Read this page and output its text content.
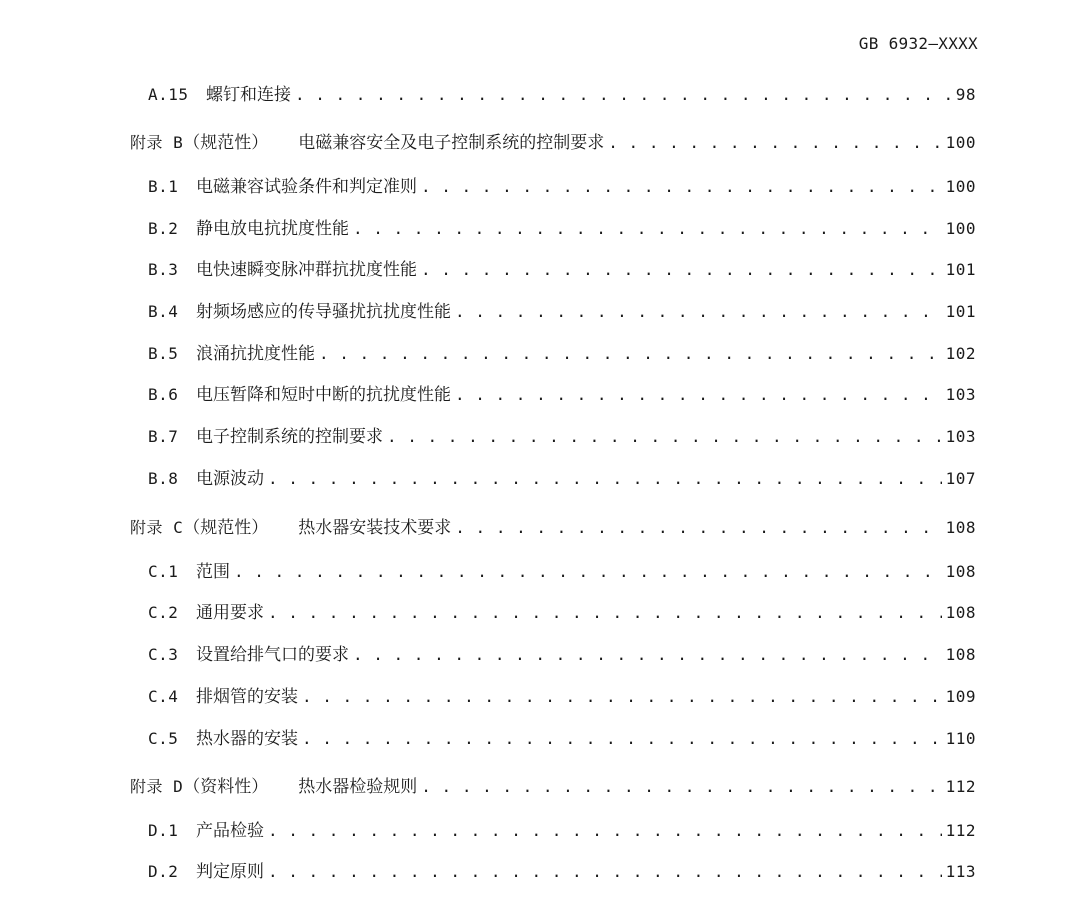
GB 6932—XXXX
A.15	螺钉和连接 . . .	98
附录 B （规范性） 电磁兼容安全及电子控制系统的控制要求 . . .	100
B.1	电磁兼容试验条件和判定准则 . . .	100
B.2	静电放电抗扰度性能 . . .	100
B.3	电快速瞬变脉冲群抗扰度性能 . . .	101
B.4	射频场感应的传导骚扰抗扰度性能 . . .	101
B.5	浪涌抗扰度性能 . . .	102
B.6	电压暂降和短时中断的抗扰度性能 . . .	103
B.7	电子控制系统的控制要求 . . .	103
B.8	电源波动 . . .	107
附录 C （规范性） 热水器安装技术要求 . . .	108
C.1	范围 . . .	108
C.2	通用要求 . . .	108
C.3	设置给排气口的要求 . . .	108
C.4	排烟管的安装 . . .	109
C.5	热水器的安装 . . .	110
附录 D （资料性） 热水器检验规则 . . .	112
D.1	产品检验 . . .	112
D.2	判定原则 . . .	113
